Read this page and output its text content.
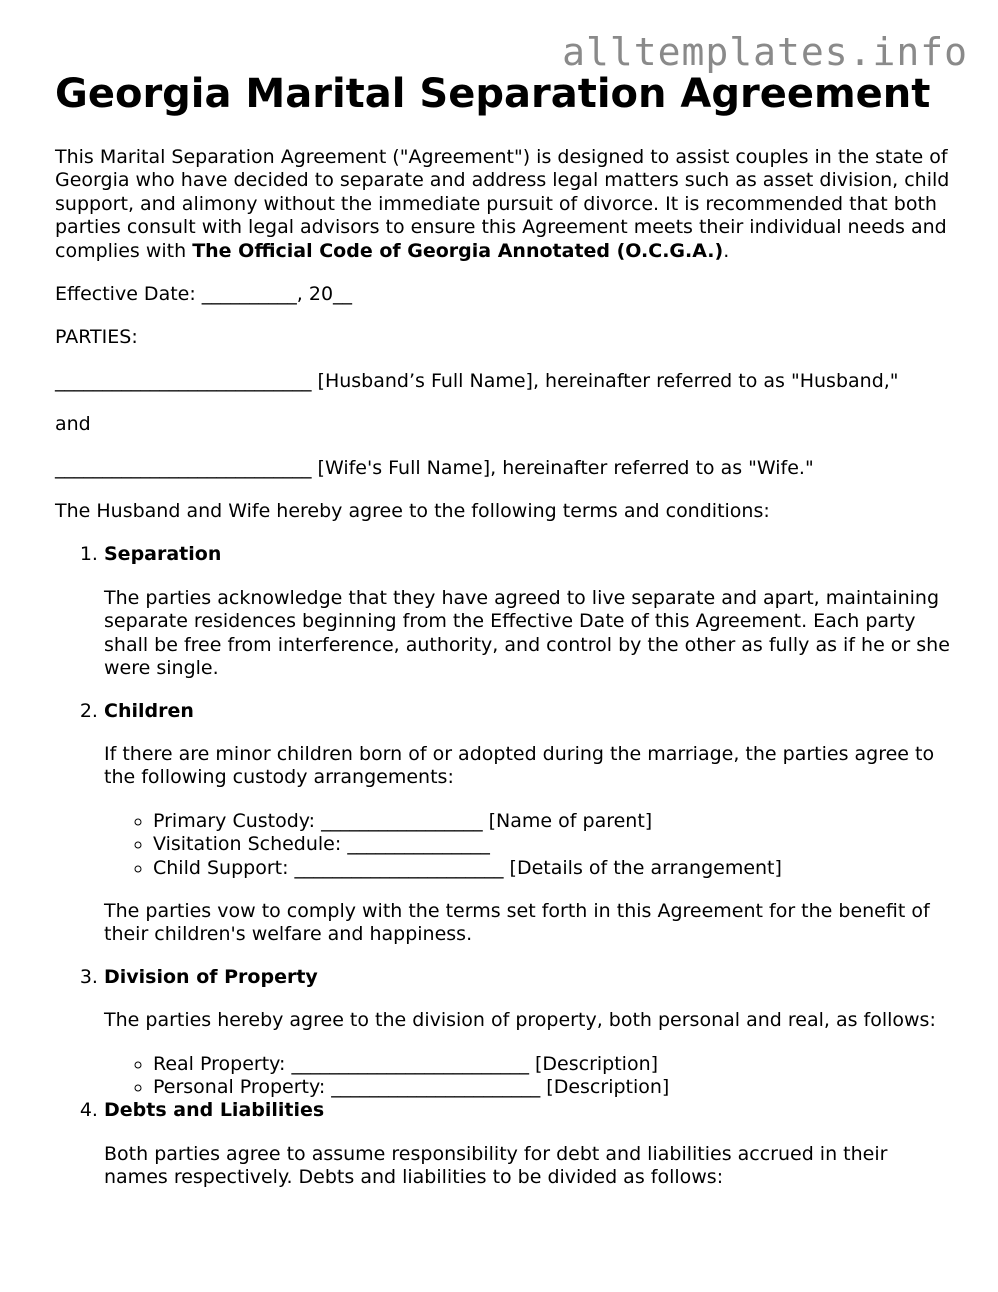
alltemplates.info
Georgia Marital Separation Agreement

This Marital Separation Agreement ("Agreement") is designed to assist couples in the state of Georgia who have decided to separate and address legal matters such as asset division, child support, and alimony without the immediate pursuit of divorce. It is recommended that both parties consult with legal advisors to ensure this Agreement meets their individual needs and complies with The Official Code of Georgia Annotated (O.C.G.A.).

Effective Date: __________, 20__

PARTIES:

___________________________ [Husband’s Full Name], hereinafter referred to as "Husband,"

and

___________________________ [Wife's Full Name], hereinafter referred to as "Wife."

The Husband and Wife hereby agree to the following terms and conditions:

1. Separation

The parties acknowledge that they have agreed to live separate and apart, maintaining separate residences beginning from the Effective Date of this Agreement. Each party shall be free from interference, authority, and control by the other as fully as if he or she were single.

2. Children

If there are minor children born of or adopted during the marriage, the parties agree to the following custody arrangements:

◦ Primary Custody: _________________ [Name of parent]
◦ Visitation Schedule: _______________
◦ Child Support: ______________________ [Details of the arrangement]

The parties vow to comply with the terms set forth in this Agreement for the benefit of their children's welfare and happiness.

3. Division of Property

The parties hereby agree to the division of property, both personal and real, as follows:

◦ Real Property: _________________________ [Description]
◦ Personal Property: ______________________ [Description]
4. Debts and Liabilities

Both parties agree to assume responsibility for debt and liabilities accrued in their names respectively. Debts and liabilities to be divided as follows:
